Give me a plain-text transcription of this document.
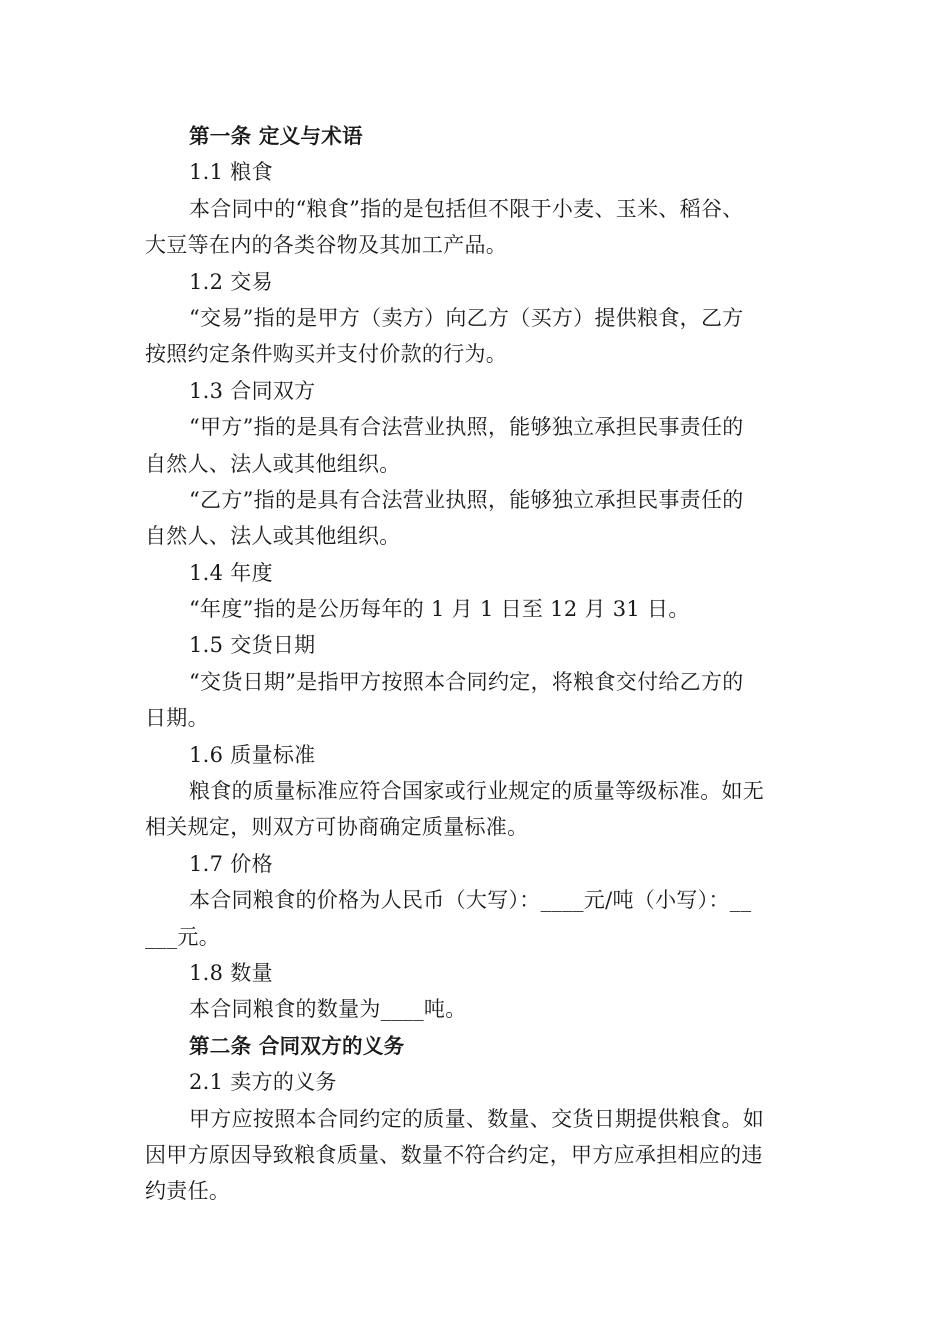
第一条 定义与术语
1.1 粮食
本合同中的“粮食”指的是包括但不限于小麦、玉米、稻谷、
大豆等在内的各类谷物及其加工产品。
1.2 交易
“交易”指的是甲方（卖方）向乙方（买方）提供粮食，乙方
按照约定条件购买并支付价款的行为。
1.3 合同双方
“甲方”指的是具有合法营业执照，能够独立承担民事责任的
自然人、法人或其他组织。
“乙方”指的是具有合法营业执照，能够独立承担民事责任的
自然人、法人或其他组织。
1.4 年度
“年度”指的是公历每年的 1 月 1 日至 12 月 31 日。
1.5 交货日期
“交货日期”是指甲方按照本合同约定，将粮食交付给乙方的
日期。
1.6 质量标准
粮食的质量标准应符合国家或行业规定的质量等级标准。如无
相关规定，则双方可协商确定质量标准。
1.7 价格
本合同粮食的价格为人民币（大写）：____元/吨（小写）：__
___元。
1.8 数量
本合同粮食的数量为____吨。
第二条 合同双方的义务
2.1 卖方的义务
甲方应按照本合同约定的质量、数量、交货日期提供粮食。如
因甲方原因导致粮食质量、数量不符合约定，甲方应承担相应的违
约责任。
